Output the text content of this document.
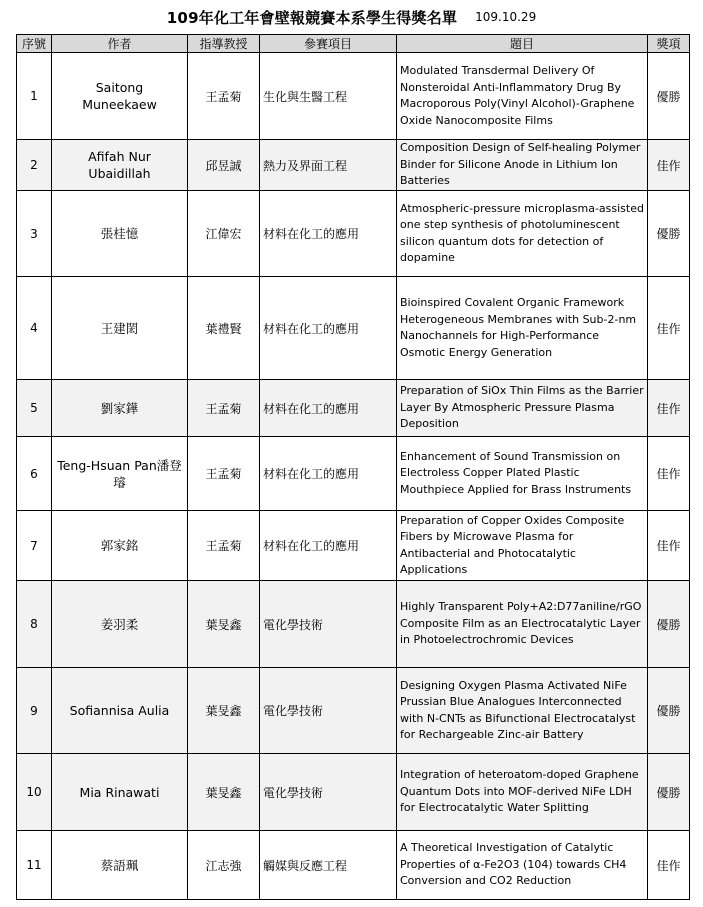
109年化工年會壁報競賽本系學生得獎名單 109.10.29
序號	作者	指導教授	參賽項目	題目	獎項
1	Saitong Muneekaew	王孟菊	生化與生醫工程	Modulated Transdermal Delivery Of Nonsteroidal Anti-Inflammatory Drug By Macroporous Poly(Vinyl Alcohol)-Graphene Oxide Nanocomposite Films	優勝
2	Afifah Nur Ubaidillah	邱昱誠	熱力及界面工程	Composition Design of Self-healing Polymer Binder for Silicone Anode in Lithium Ion Batteries	佳作
3	張桂憶	江偉宏	材料在化工的應用	Atmospheric-pressure microplasma-assisted one step synthesis of photoluminescent silicon quantum dots for detection of dopamine	優勝
4	王建閎	葉禮賢	材料在化工的應用	Bioinspired Covalent Organic Framework Heterogeneous Membranes with Sub-2-nm Nanochannels for High-Performance Osmotic Energy Generation	佳作
5	劉家鏵	王孟菊	材料在化工的應用	Preparation of SiOx Thin Films as the Barrier Layer By Atmospheric Pressure Plasma Deposition	佳作
6	Teng-Hsuan Pan潘登璿	王孟菊	材料在化工的應用	Enhancement of Sound Transmission on Electroless Copper Plated Plastic Mouthpiece Applied for Brass Instruments	佳作
7	郭家銘	王孟菊	材料在化工的應用	Preparation of Copper Oxides Composite Fibers by Microwave Plasma for Antibacterial and Photocatalytic Applications	佳作
8	姜羽柔	葉旻鑫	電化學技術	Highly Transparent Poly+A2:D77aniline/rGO Composite Film as an Electrocatalytic Layer in Photoelectrochromic Devices	優勝
9	Sofiannisa Aulia	葉旻鑫	電化學技術	Designing Oxygen Plasma Activated NiFe Prussian Blue Analogues Interconnected with N-CNTs as Bifunctional Electrocatalyst for Rechargeable Zinc-air Battery	優勝
10	Mia Rinawati	葉旻鑫	電化學技術	Integration of heteroatom-doped Graphene Quantum Dots into MOF-derived NiFe LDH for Electrocatalytic Water Splitting	優勝
11	蔡語珮	江志強	觸媒與反應工程	A Theoretical Investigation of Catalytic Properties of α-Fe2O3 (104) towards CH4 Conversion and CO2 Reduction	佳作
